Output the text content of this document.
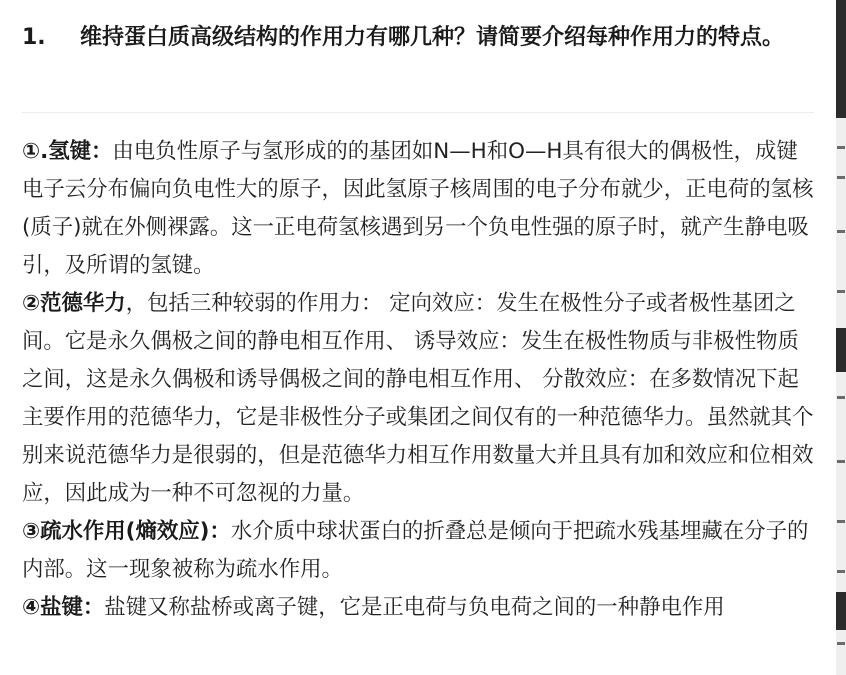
1. 维持蛋白质高级结构的作用力有哪几种？请简要介绍每种作用力的特点。

①.氢键：由电负性原子与氢形成的的基团如N—H和O—H具有很大的偶极性，成键电子云分布偏向负电性大的原子，因此氢原子核周围的电子分布就少，正电荷的氢核(质子)就在外侧裸露。这一正电荷氢核遇到另一个负电性强的原子时，就产生静电吸引，及所谓的氢键。

②范德华力，包括三种较弱的作用力： 定向效应：发生在极性分子或者极性基团之间。它是永久偶极之间的静电相互作用、 诱导效应：发生在极性物质与非极性物质之间，这是永久偶极和诱导偶极之间的静电相互作用、 分散效应：在多数情况下起主要作用的范德华力，它是非极性分子或集团之间仅有的一种范德华力。虽然就其个别来说范德华力是很弱的，但是范德华力相互作用数量大并且具有加和效应和位相效应，因此成为一种不可忽视的力量。

③疏水作用(熵效应)：水介质中球状蛋白的折叠总是倾向于把疏水残基埋藏在分子的内部。这一现象被称为疏水作用。

④盐键：盐键又称盐桥或离子键，它是正电荷与负电荷之间的一种静电作用
